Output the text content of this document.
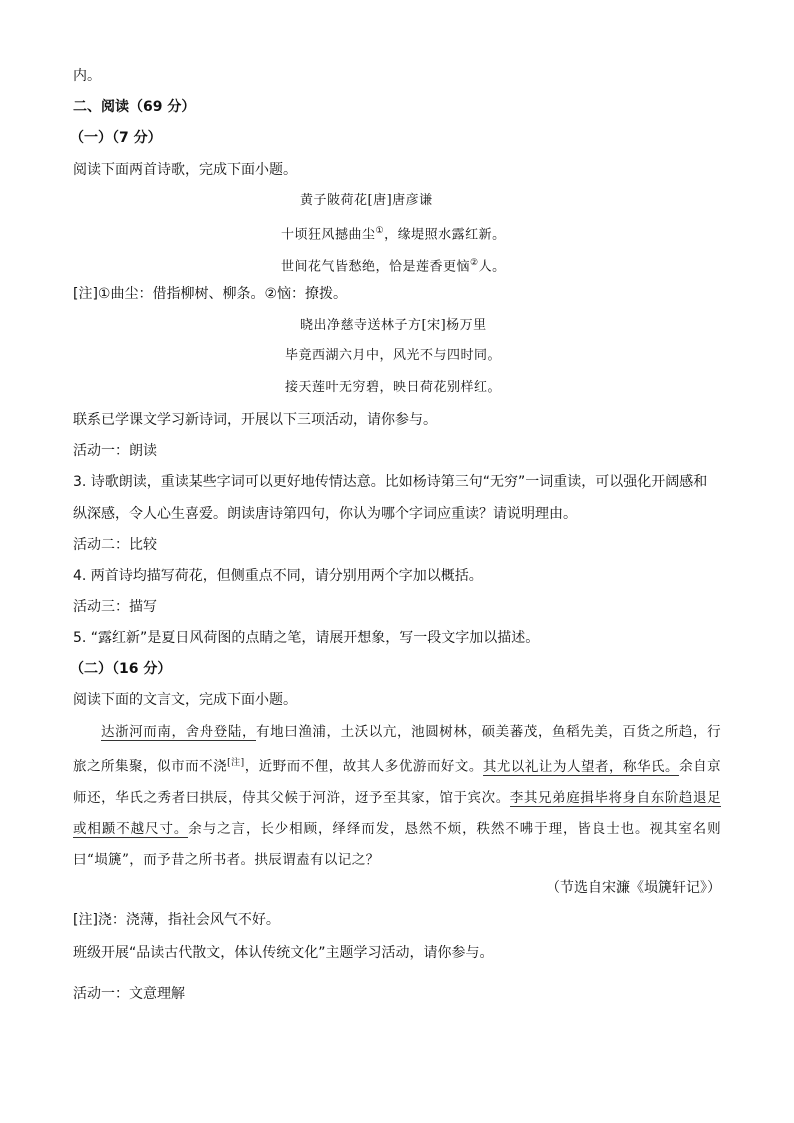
内。
二、阅读（69 分）
（一）（7 分）
阅读下面两首诗歌，完成下面小题。
黄子陂荷花[唐]唐彦谦
十顷狂风撼曲尘①，缘堤照水露红新。
世间花气皆愁绝，恰是莲香更恼②人。
[注]①曲尘：借指柳树、柳条。②恼：撩拨。
晓出净慈寺送林子方[宋]杨万里
毕竟西湖六月中，风光不与四时同。
接天莲叶无穷碧，映日荷花别样红。
联系已学课文学习新诗词，开展以下三项活动，请你参与。
活动一：朗读
3. 诗歌朗读，重读某些字词可以更好地传情达意。比如杨诗第三句“无穷”一词重读，可以强化开阔感和
纵深感，令人心生喜爱。朗读唐诗第四句，你认为哪个字词应重读？请说明理由。
活动二：比较
4. 两首诗均描写荷花，但侧重点不同，请分别用两个字加以概括。
活动三：描写
5. “露红新”是夏日风荷图的点睛之笔，请展开想象，写一段文字加以描述。
（二）（16 分）
阅读下面的文言文，完成下面小题。
达浙河而南，舍舟登陆，有地曰渔浦，土沃以亢，池圆树林，硕美蕃茂，鱼稻先美，百货之所趋，行旅之所集聚，似市而不浇[注]，近野而不俚，故其人多优游而好文。其尤以礼让为人望者，称华氏。余自京师还，华氏之秀者曰拱辰，侍其父候于河浒，迓予至其家，馆于宾次。李其兄弟庭揖毕将身自东阶趋退足或相踬不越尺寸。余与之言，长少相顾，绎绎而发，恳然不烦，秩然不咈于理，皆良士也。视其室名则曰“埙篪”，而予昔之所书者。拱辰谓盍有以记之？
（节选自宋濂《埙篪轩记》）
[注]浇：浇薄，指社会风气不好。
班级开展“品读古代散文，体认传统文化”主题学习活动，请你参与。
活动一：文意理解
